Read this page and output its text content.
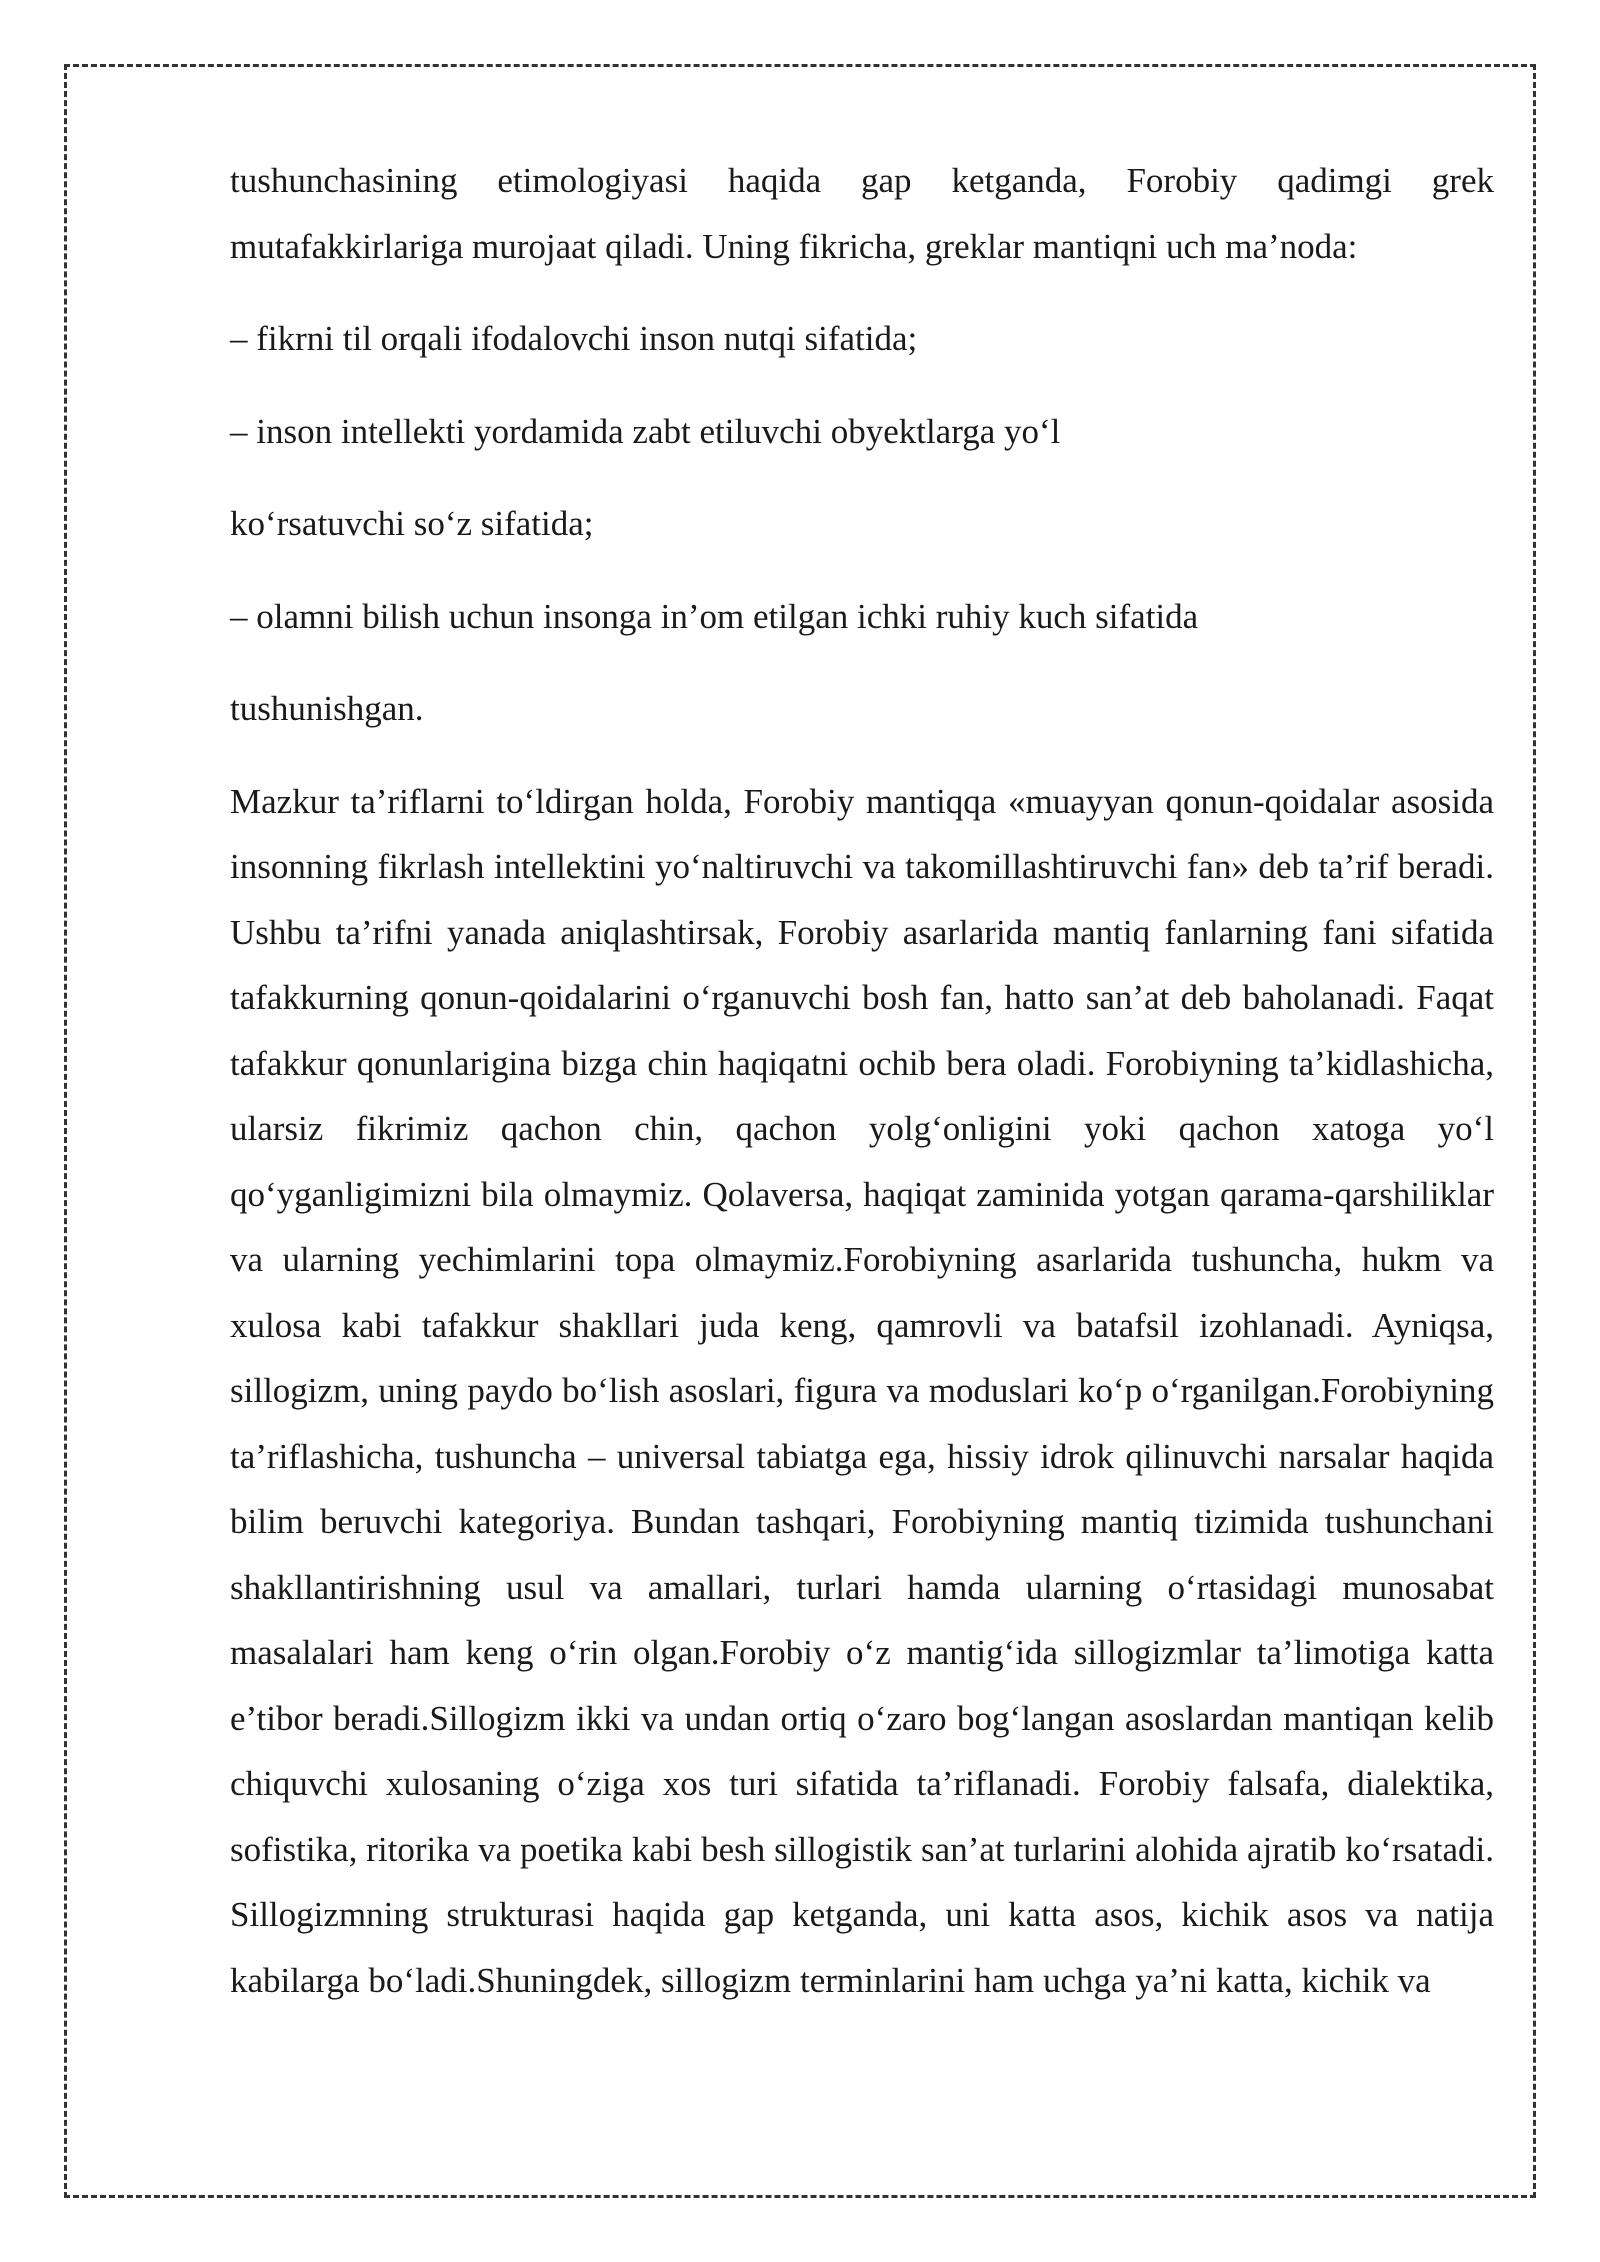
tushunchasining etimologiyasi haqida gap ketganda, Forobiy qadimgi grek mutafakkirlariga murojaat qiladi. Uning fikricha, greklar mantiqni uch ma’noda:

– fikrni til orqali ifodalovchi inson nutqi sifatida;

– inson intellekti yordamida zabt etiluvchi obyektlarga yo‘l

ko‘rsatuvchi so‘z sifatida;

– olamni bilish uchun insonga in’om etilgan ichki ruhiy kuch sifatida

tushunishgan.

Mazkur ta’riflarni to‘ldirgan holda, Forobiy mantiqqa «muayyan qonun-qoidalar asosida insonning fikrlash intellektini yo‘naltiruvchi va takomillashtiruvchi fan» deb ta’rif beradi. Ushbu ta’rifni yanada aniqlashtirsak, Forobiy asarlarida mantiq fanlarning fani sifatida tafakkurning qonun-qoidalarini o‘rganuvchi bosh fan, hatto san’at deb baholanadi. Faqat tafakkur qonunlarigina bizga chin haqiqatni ochib bera oladi. Forobiyning ta’kidlashicha, ularsiz fikrimiz qachon chin, qachon yolg‘onligini yoki qachon xatoga yo‘l qo‘yganligimizni bila olmaymiz. Qolaversa, haqiqat zaminida yotgan qarama-qarshiliklar va ularning yechimlarini topa olmaymiz.Forobiyning asarlarida tushuncha, hukm va xulosa kabi tafakkur shakllari juda keng, qamrovli va batafsil izohlanadi. Ayniqsa, sillogizm, uning paydo bo‘lish asoslari, figura va moduslari ko‘p o‘rganilgan.Forobiyning ta’riflashicha, tushuncha – universal tabiatga ega, hissiy idrok qilinuvchi narsalar haqida bilim beruvchi kategoriya. Bundan tashqari, Forobiyning mantiq tizimida tushunchani shakllantirishning usul va amallari, turlari hamda ularning o‘rtasidagi munosabat masalalari ham keng o‘rin olgan.Forobiy o‘z mantig‘ida sillogizmlar ta’limotiga katta e’tibor beradi.Sillogizm ikki va undan ortiq o‘zaro bog‘langan asoslardan mantiqan kelib chiquvchi xulosaning o‘ziga xos turi sifatida ta’riflanadi. Forobiy falsafa, dialektika, sofistika, ritorika va poetika kabi besh sillogistik san’at turlarini alohida ajratib ko‘rsatadi. Sillogizmning strukturasi haqida gap ketganda, uni katta asos, kichik asos va natija kabilarga bo‘ladi.Shuningdek, sillogizm terminlarini ham uchga ya’ni katta, kichik va
